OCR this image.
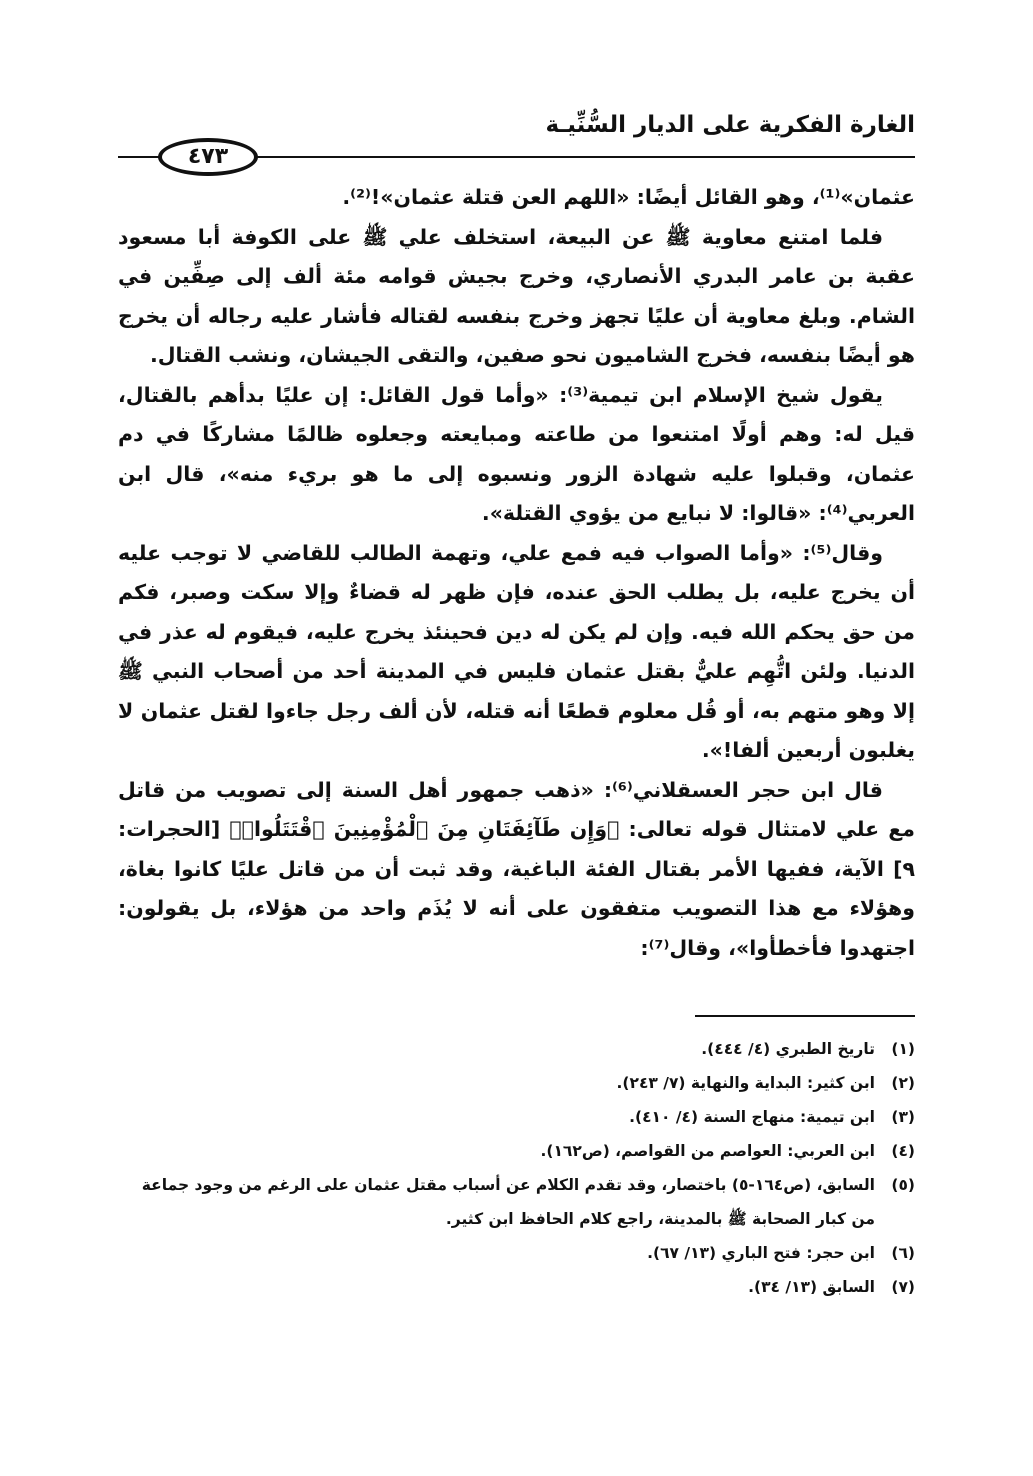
الغارة الفكرية على الديار السُّنِّيـة
٤٧٣

عثمان»⁽¹⁾، وهو القائل أيضًا: «اللهم العن قتلة عثمان»!⁽²⁾.

فلما امتنع معاوية ﷺ عن البيعة، استخلف علي ﷺ على الكوفة أبا مسعود عقبة بن عامر البدري الأنصاري، وخرج بجيش قوامه مئة ألف إلى صِفِّين في الشام. وبلغ معاوية أن عليًا تجهز وخرج بنفسه لقتاله فأشار عليه رجاله أن يخرج هو أيضًا بنفسه، فخرج الشاميون نحو صفين، والتقى الجيشان، ونشب القتال.

يقول شيخ الإسلام ابن تيمية⁽³⁾: «وأما قول القائل: إن عليًا بدأهم بالقتال، قيل له: وهم أولًا امتنعوا من طاعته ومبايعته وجعلوه ظالمًا مشاركًا في دم عثمان، وقبلوا عليه شهادة الزور ونسبوه إلى ما هو بريء منه»، قال ابن العربي⁽⁴⁾: «قالوا: لا نبايع من يؤوي القتلة».

وقال⁽⁵⁾: «وأما الصواب فيه فمع علي، وتهمة الطالب للقاضي لا توجب عليه أن يخرج عليه، بل يطلب الحق عنده، فإن ظهر له قضاءٌ وإلا سكت وصبر، فكم من حق يحكم الله فيه. وإن لم يكن له دين فحينئذ يخرج عليه، فيقوم له عذر في الدنيا. ولئن اتُّهِم عليٌّ بقتل عثمان فليس في المدينة أحد من أصحاب النبي ﷺ إلا وهو متهم به، أو قُل معلوم قطعًا أنه قتله، لأن ألف رجل جاءوا لقتل عثمان لا يغلبون أربعين ألفا!».

قال ابن حجر العسقلاني⁽⁶⁾: «ذهب جمهور أهل السنة إلى تصويب من قاتل مع علي لامتثال قوله تعالى: ﴿وَإِن طَآئِفَتَانِ مِنَ ٱلْمُؤْمِنِينَ ٱقْتَتَلُوا۟﴾ [الحجرات: ٩] الآية، ففيها الأمر بقتال الفئة الباغية، وقد ثبت أن من قاتل عليًا كانوا بغاة، وهؤلاء مع هذا التصويب متفقون على أنه لا يُذَم واحد من هؤلاء، بل يقولون: اجتهدوا فأخطأوا»، وقال⁽⁷⁾:

(١)
تاريخ الطبري (٤/ ٤٤٤).
(٢)
ابن كثير: البداية والنهاية (٧/ ٢٤٣).
(٣)
ابن تيمية: منهاج السنة (٤/ ٤١٠).
(٤)
ابن العربي: العواصم من القواصم، (ص١٦٢).
(٥)
السابق، (ص١٦٤-٥) باختصار، وقد تقدم الكلام عن أسباب مقتل عثمان على الرغم من وجود جماعة من كبار الصحابة ﷺ بالمدينة، راجع كلام الحافظ ابن كثير.
(٦)
ابن حجر: فتح الباري (١٣/ ٦٧).
(٧)
السابق (١٣/ ٣٤).
